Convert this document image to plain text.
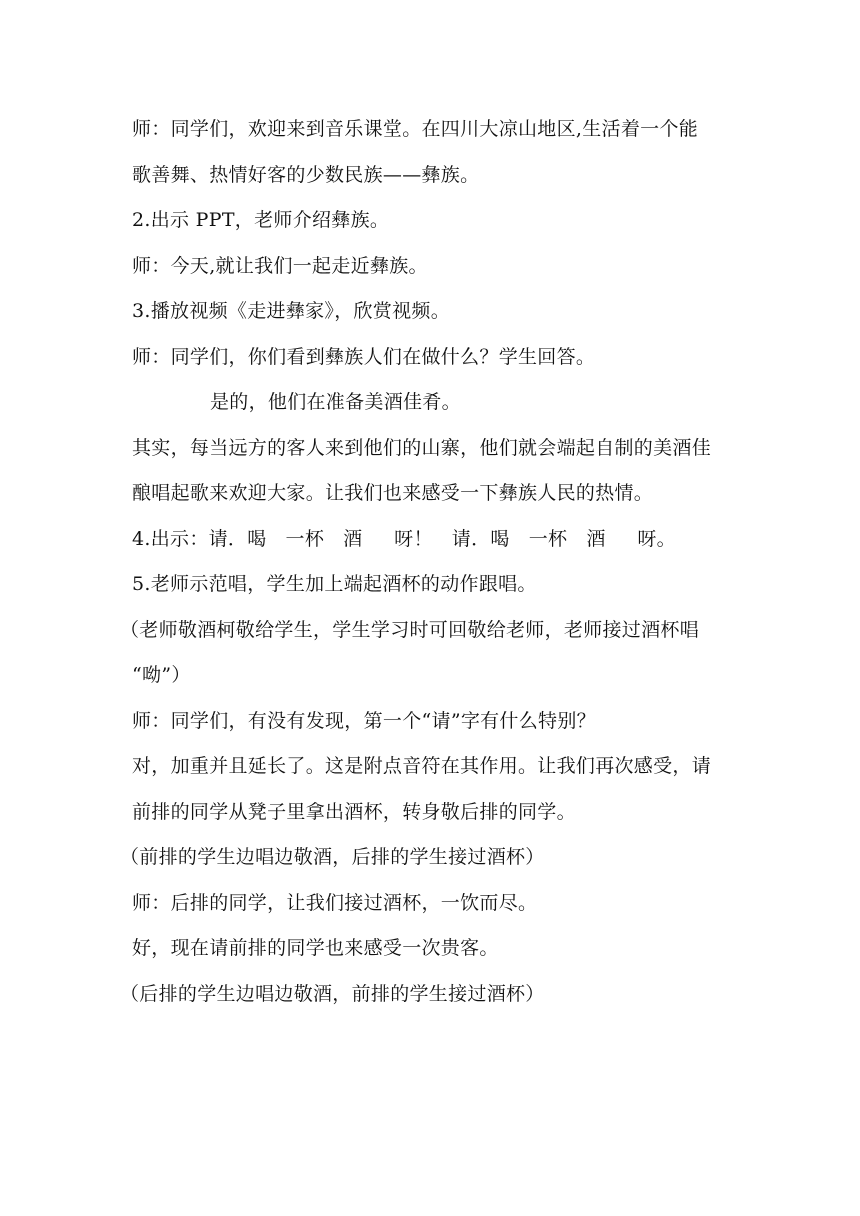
师：同学们，欢迎来到音乐课堂。在四川大凉山地区,生活着一个能
歌善舞、热情好客的少数民族——彝族。
2.出示 PPT，老师介绍彝族。
师：今天,就让我们一起走近彝族。
3.播放视频《走进彝家》，欣赏视频。
师：同学们，你们看到彝族人们在做什么？学生回答。
是的，他们在准备美酒佳肴。
其实，每当远方的客人来到他们的山寨，他们就会端起自制的美酒佳
酿唱起歌来欢迎大家。让我们也来感受一下彝族人民的热情。
4.出示：请．喝   一杯   酒     呀！   请．喝   一杯   酒     呀。
5.老师示范唱，学生加上端起酒杯的动作跟唱。
（老师敬酒柯敬给学生，学生学习时可回敬给老师，老师接过酒杯唱
“呦”）
师：同学们，有没有发现，第一个“请”字有什么特别？
对，加重并且延长了。这是附点音符在其作用。让我们再次感受，请
前排的同学从凳子里拿出酒杯，转身敬后排的同学。
（前排的学生边唱边敬酒，后排的学生接过酒杯）
师：后排的同学，让我们接过酒杯，一饮而尽。
好，现在请前排的同学也来感受一次贵客。
（后排的学生边唱边敬酒，前排的学生接过酒杯）
